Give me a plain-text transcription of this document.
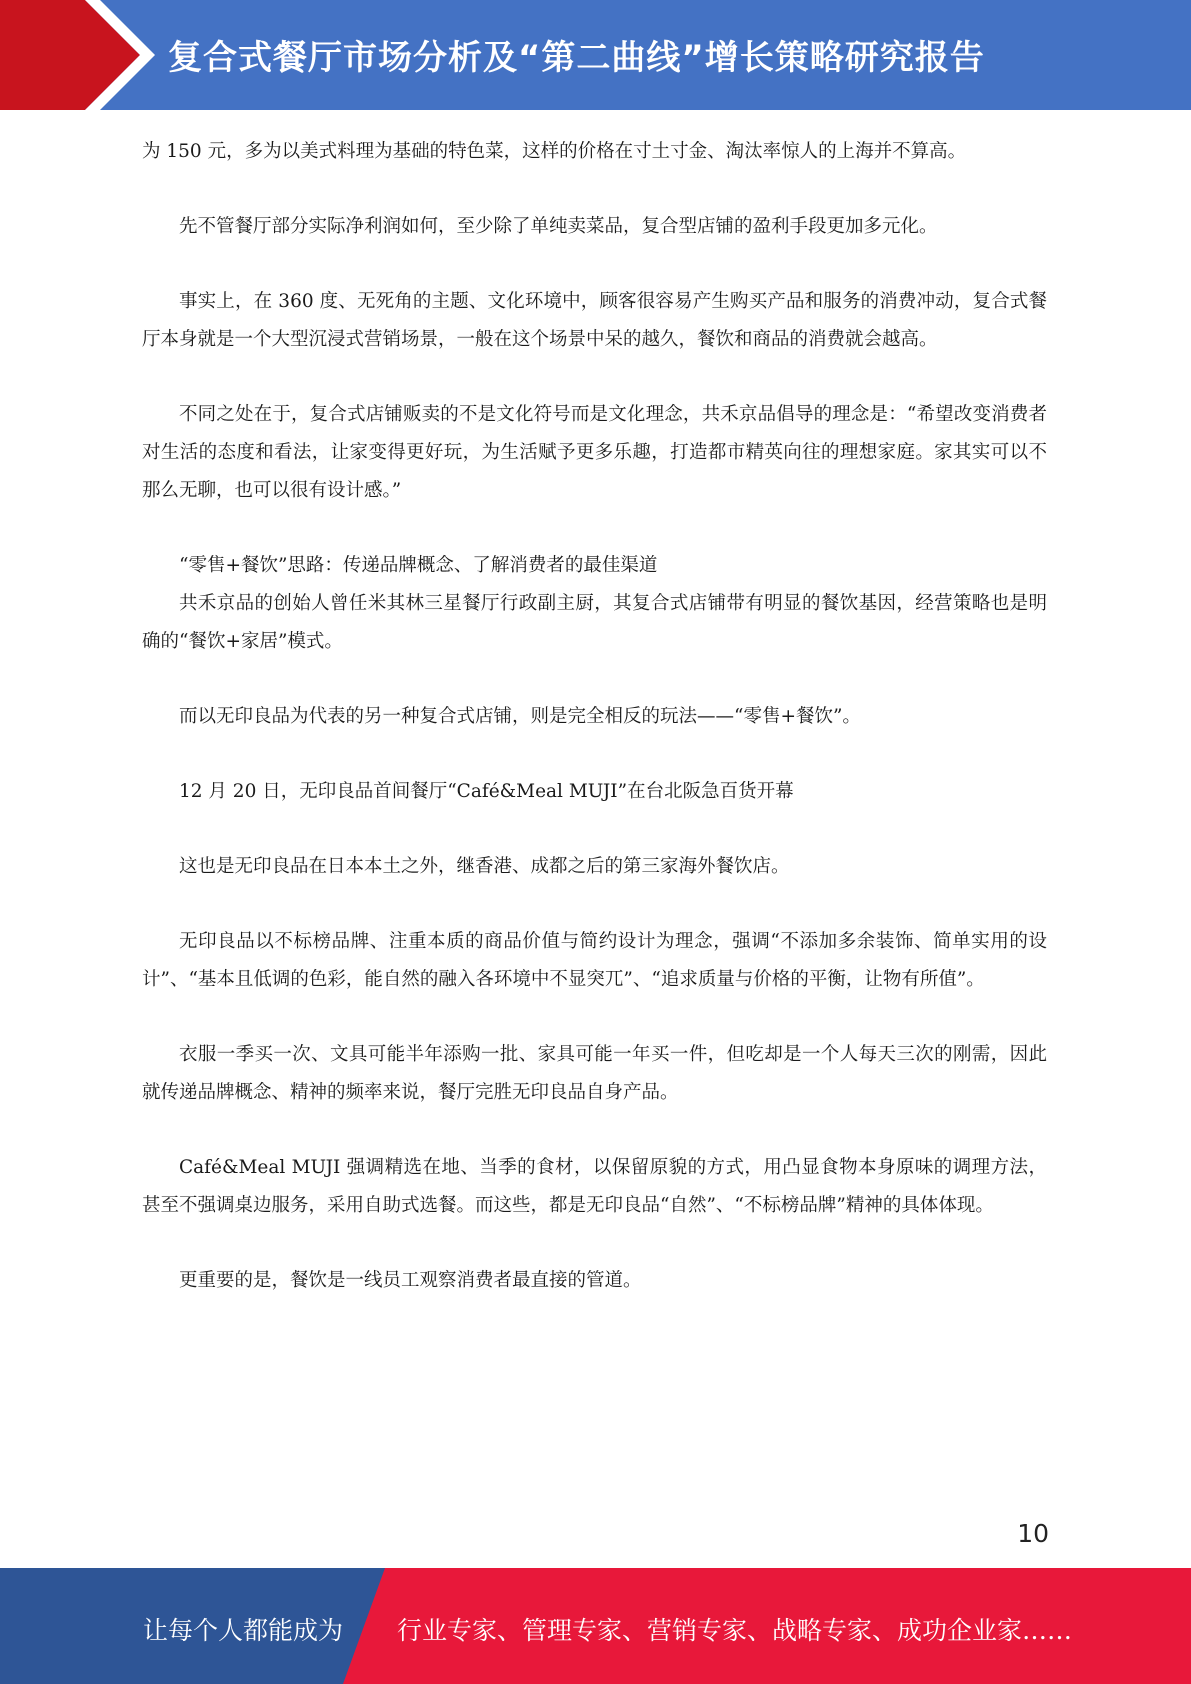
复合式餐厅市场分析及“第二曲线”增长策略研究报告

为 150 元，多为以美式料理为基础的特色菜，这样的价格在寸土寸金、淘汰率惊人的上海并不算高。

先不管餐厅部分实际净利润如何，至少除了单纯卖菜品，复合型店铺的盈利手段更加多元化。

事实上，在 360 度、无死角的主题、文化环境中，顾客很容易产生购买产品和服务的消费冲动，复合式餐厅本身就是一个大型沉浸式营销场景，一般在这个场景中呆的越久，餐饮和商品的消费就会越高。

不同之处在于，复合式店铺贩卖的不是文化符号而是文化理念，共禾京品倡导的理念是：“希望改变消费者对生活的态度和看法，让家变得更好玩，为生活赋予更多乐趣，打造都市精英向往的理想家庭。家其实可以不那么无聊，也可以很有设计感。”

“零售+餐饮”思路：传递品牌概念、了解消费者的最佳渠道

共禾京品的创始人曾任米其林三星餐厅行政副主厨，其复合式店铺带有明显的餐饮基因，经营策略也是明确的“餐饮+家居”模式。

而以无印良品为代表的另一种复合式店铺，则是完全相反的玩法——“零售+餐饮”。

12 月 20 日，无印良品首间餐厅“Café&Meal MUJI”在台北阪急百货开幕

这也是无印良品在日本本土之外，继香港、成都之后的第三家海外餐饮店。

无印良品以不标榜品牌、注重本质的商品价值与简约设计为理念，强调“不添加多余装饰、简单实用的设计”、“基本且低调的色彩，能自然的融入各环境中不显突兀”、“追求质量与价格的平衡，让物有所值”。

衣服一季买一次、文具可能半年添购一批、家具可能一年买一件，但吃却是一个人每天三次的刚需，因此就传递品牌概念、精神的频率来说，餐厅完胜无印良品自身产品。

Café&Meal MUJI 强调精选在地、当季的食材，以保留原貌的方式，用凸显食物本身原味的调理方法，甚至不强调桌边服务，采用自助式选餐。而这些，都是无印良品“自然”、“不标榜品牌”精神的具体体现。

更重要的是，餐饮是一线员工观察消费者最直接的管道。

10
让每个人都能成为 行业专家、管理专家、营销专家、战略专家、成功企业家……
